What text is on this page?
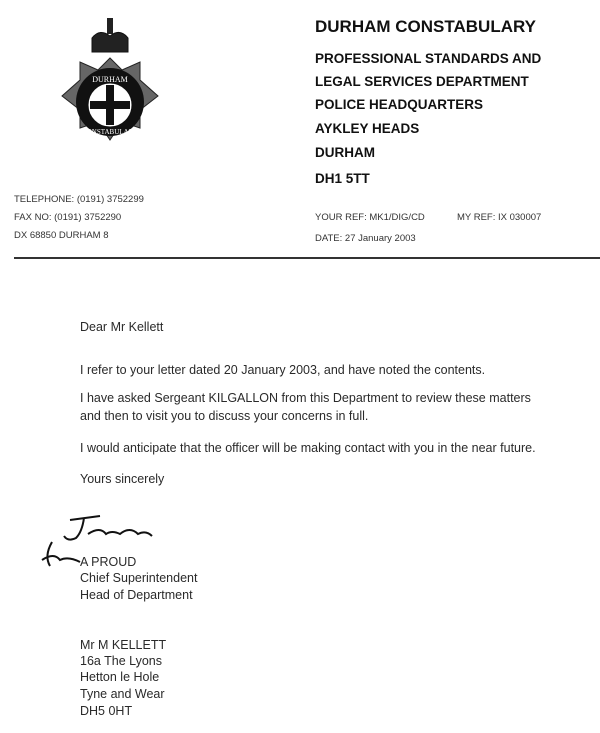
DURHAM
CONSTABULARY
DURHAM CONSTABULARY
PROFESSIONAL STANDARDS AND
LEGAL SERVICES DEPARTMENT
POLICE HEADQUARTERS
AYKLEY HEADS
DURHAM
DH1 5TT
TELEPHONE: (0191) 3752299
FAX NO: (0191) 3752290
DX 68850 DURHAM 8
YOUR REF: MK1/DIG/CD	MY REF: IX 030007
DATE: 27 January 2003
Dear Mr Kellett
I refer to your letter dated 20 January 2003, and have noted the contents.
I have asked Sergeant KILGALLON from this Department to review these matters
and then to visit you to discuss your concerns in full.
I would anticipate that the officer will be making contact with you in the near future.
Yours sincerely
A PROUD
Chief Superintendent
Head of Department
Mr M KELLETT
16a The Lyons
Hetton le Hole
Tyne and Wear
DH5 0HT
